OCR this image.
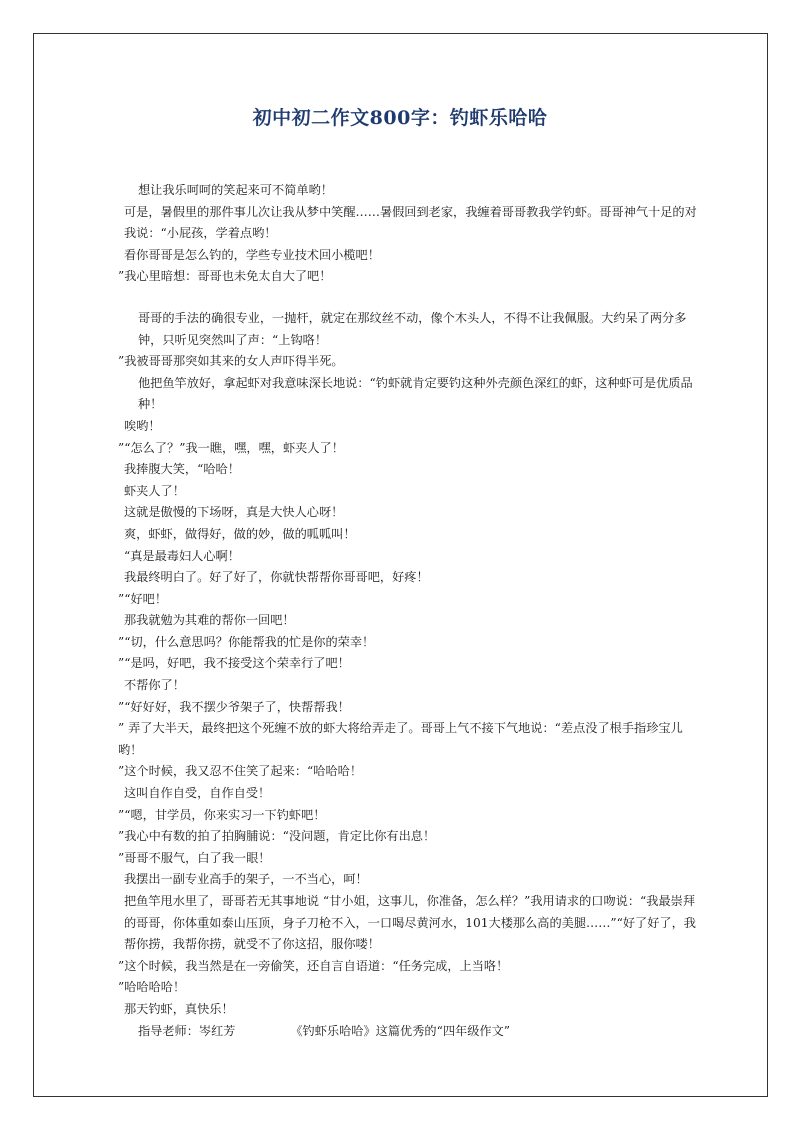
初中初二作文800字：钓虾乐哈哈

想让我乐呵呵的笑起来可不简单哟！

可是，暑假里的那件事儿次让我从梦中笑醒……暑假回到老家，我缠着哥哥教我学钓虾。哥哥神气十足的对我说：“小屁孩，学着点哟！

看你哥哥是怎么钓的，学些专业技术回小榄吧！

”我心里暗想：哥哥也未免太自大了吧！

哥哥的手法的确很专业，一抛杆，就定在那纹丝不动，像个木头人，不得不让我佩服。大约呆了两分多钟，只听见突然叫了声：“上钩咯！

”我被哥哥那突如其来的女人声吓得半死。

他把鱼竿放好，拿起虾对我意味深长地说：“钓虾就肯定要钓这种外壳颜色深红的虾，这种虾可是优质品种！

唉哟！

”“怎么了？”我一瞧，嘿，嘿，虾夹人了！

我捧腹大笑，“哈哈！

虾夹人了！

这就是傲慢的下场呀，真是大快人心呀！

爽，虾虾，做得好，做的妙，做的呱呱叫！

“真是最毒妇人心啊！

我最终明白了。好了好了，你就快帮帮你哥哥吧，好疼！

”“好吧！

那我就勉为其难的帮你一回吧！

”“切，什么意思吗？你能帮我的忙是你的荣幸！

”“是吗，好吧，我不接受这个荣幸行了吧！

不帮你了！

”“好好好，我不摆少爷架子了，快帮帮我！

” 弄了大半天，最终把这个死缠不放的虾大将给弄走了。哥哥上气不接下气地说：“差点没了根手指珍宝儿哟！

”这个时候，我又忍不住笑了起来：“哈哈哈！

这叫自作自受，自作自受！

”“嗯，甘学员，你来实习一下钓虾吧！

”我心中有数的拍了拍胸脯说：“没问题，肯定比你有出息！

”哥哥不服气，白了我一眼！

我摆出一副专业高手的架子，一不当心，呵！

把鱼竿甩水里了，哥哥若无其事地说 “甘小姐，这事儿，你准备，怎么样？”我用请求的口吻说：“我最崇拜的哥哥，你体重如泰山压顶，身子刀枪不入，一口喝尽黄河水，101大楼那么高的美腿……”“好了好了，我帮你捞，我帮你捞，就受不了你这招，服你喽！

”这个时候，我当然是在一旁偷笑，还自言自语道：“任务完成，上当咯！

”哈哈哈哈！

那天钓虾，真快乐！

指导老师：岑红芳　　　　　《钓虾乐哈哈》这篇优秀的“四年级作文”
